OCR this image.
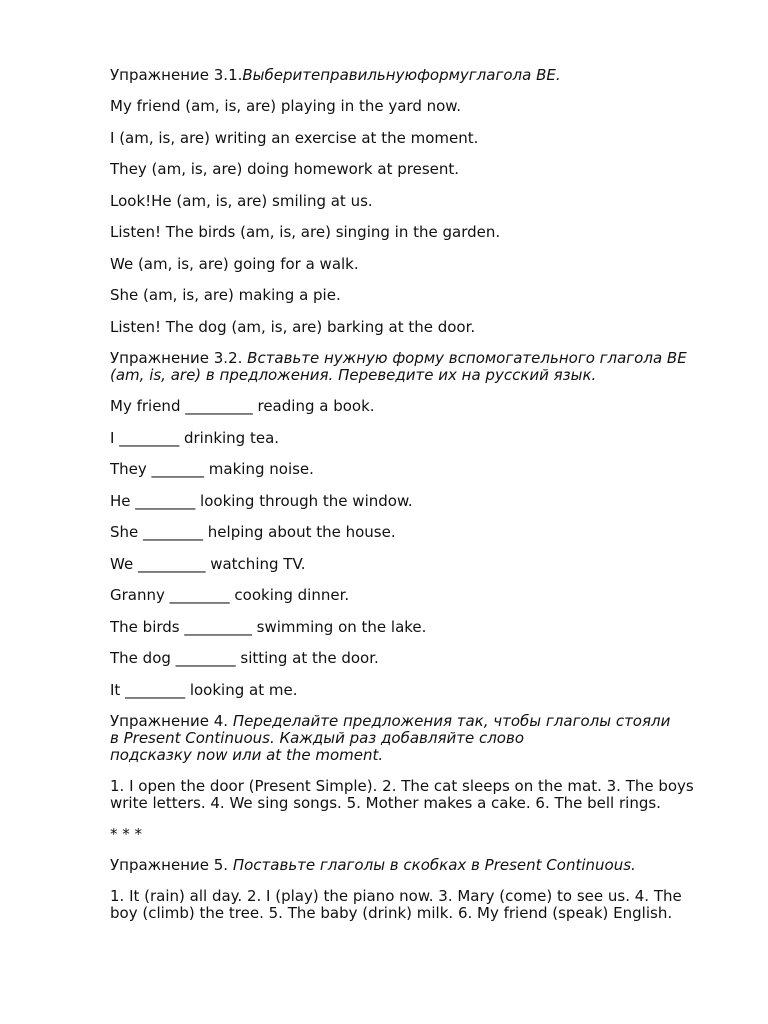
Упражнение 3.1.Выберитеправильнуюформуглагола BE.

My friend (am, is, are) playing in the yard now.

I (am, is, are) writing an exercise at the moment.

They (am, is, are) doing homework at present.

Look!He (am, is, are) smiling at us.

Listen! The birds (am, is, are) singing in the garden.

We (am, is, are) going for a walk.

She (am, is, are) making a pie.

Listen! The dog (am, is, are) barking at the door.

Упражнение 3.2. Вставьте нужную форму вспомогательного глагола BE

(am, is, are) в предложения. Переведите их на русский язык.

My friend _________ reading a book.

I ________ drinking tea.

They _______ making noise.

He ________ looking through the window.

She ________ helping about the house.

We _________ watching TV.

Granny ________ cooking dinner.

The birds _________ swimming on the lake.

The dog ________ sitting at the door.

It ________ looking at me.

Упражнение 4. Переделайте предложения так, чтобы глаголы стояли

в Present Continuous. Каждый раз добавляйте слово

подсказку now или at the moment.

1. I open the door (Present Simple). 2. The cat sleeps on the mat. 3. The boys

write letters. 4. We sing songs. 5. Mother makes a cake. 6. The bell rings.

* * *

Упражнение 5. Поставьте глаголы в скобках в Present Continuous.

1. It (rain) all day. 2. I (play) the piano now. 3. Mary (come) to see us. 4. The

boy (climb) the tree. 5. The baby (drink) milk. 6. My friend (speak) English.
